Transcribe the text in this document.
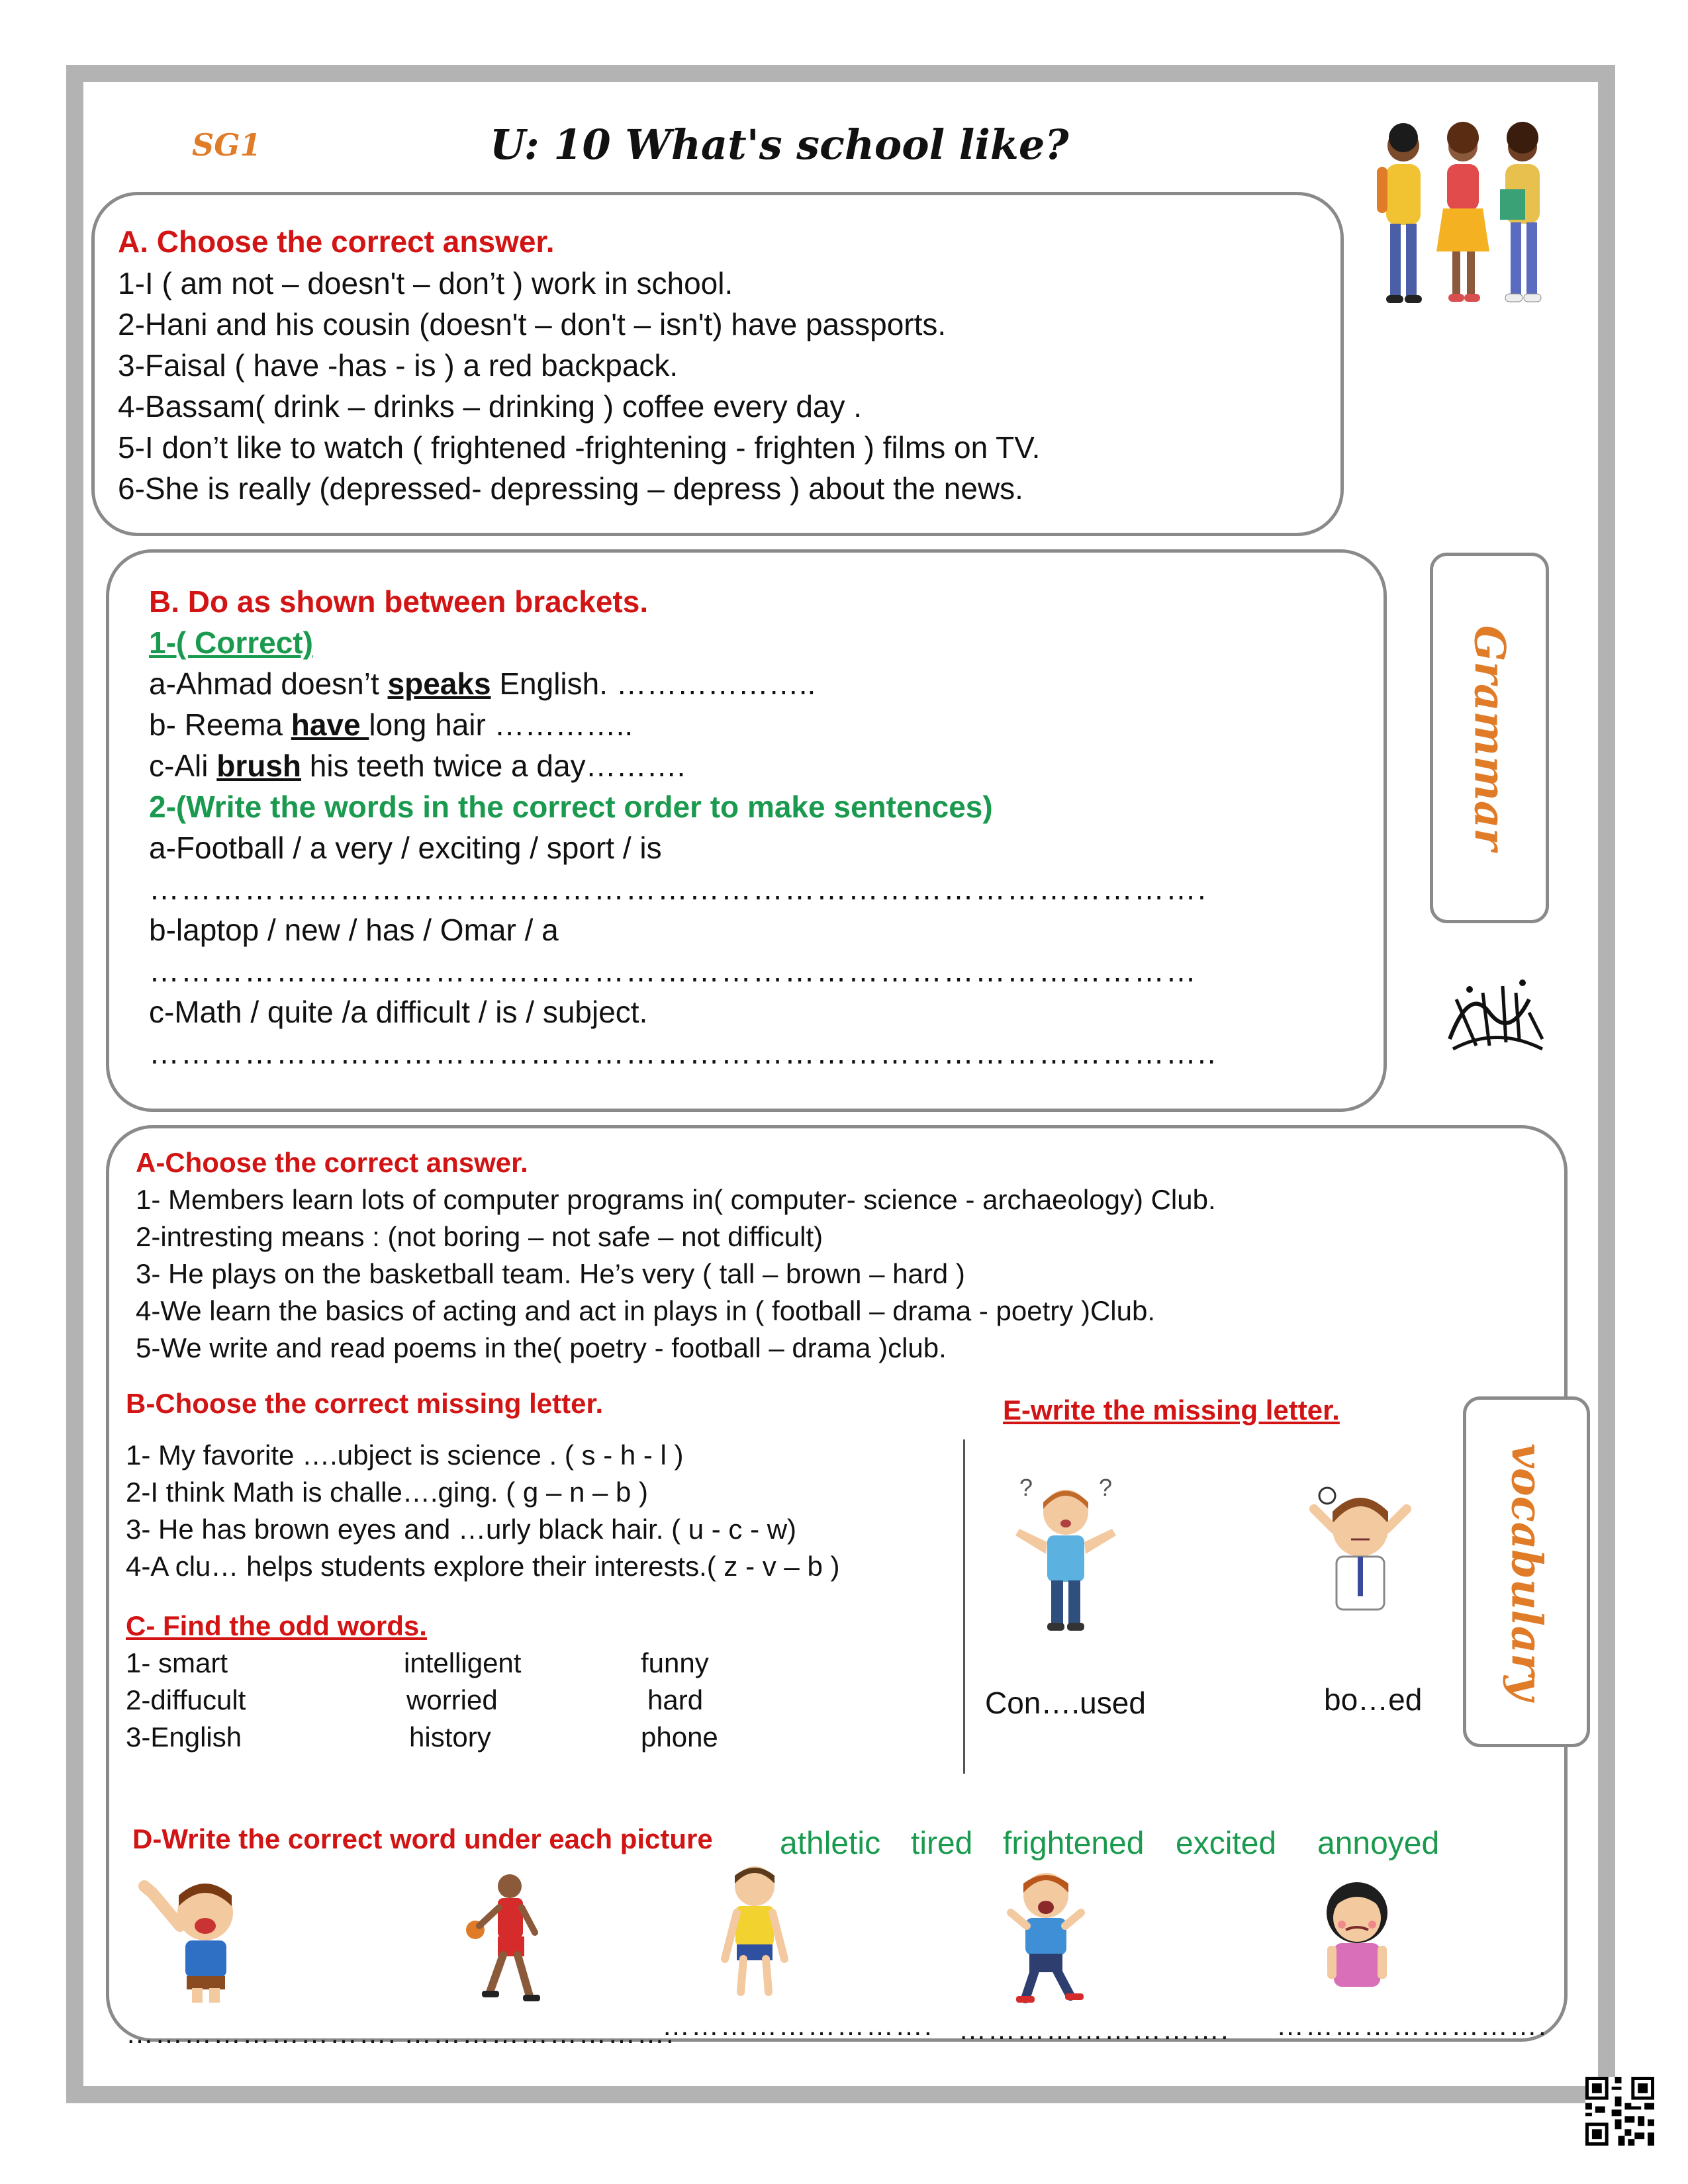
SG1	U: 10 What's school like?
A. Choose the correct answer.
1-I ( am not – doesn't – don’t ) work in school.
2-Hani and his cousin (doesn't – don't – isn't) have passports.
3-Faisal ( have -has - is ) a red backpack.
4-Bassam( drink – drinks – drinking ) coffee every day .
5-I don’t like to watch ( frightened -frightening - frighten ) films on TV.
6-She is really (depressed- depressing – depress ) about the news.
B. Do as shown between brackets.
1-( Correct)
a-Ahmad doesn’t speaks English. ………………..
b- Reema have long hair …………..
c-Ali brush his teeth twice a day……….
2-(Write the words in the correct order to make sentences)
a-Football / a very / exciting / sport / is
……………………………………………………………………………………….
b-laptop / new / has / Omar / a
………………………………………………………………………………………
c-Math / quite /a difficult / is / subject.
………………………………………………………………………………………..
Grammar
A-Choose the correct answer.
1- Members learn lots of computer programs in( computer- science - archaeology) Club.
2-intresting means : (not boring – not safe – not difficult)
3- He plays on the basketball team. He’s very ( tall – brown – hard )
4-We learn the basics of acting and act in plays in ( football – drama - poetry )Club.
5-We write and read poems in the( poetry - football – drama )club.
B-Choose the correct missing letter.
1- My favorite ….ubject is science . ( s - h - l )
2-I think Math is challe….ging. ( g – n – b )
3- He has brown eyes and …urly black hair. ( u - c - w)
4-A clu… helps students explore their interests.( z - v – b )
C- Find the odd words.
1- smart	intelligent	funny
2-diffucult	worried	hard
3-English	history	phone
E-write the missing letter.
?	?
Con….used	bo…ed vocabulary
D-Write the correct word under each picture athletic tired frightened excited annoyed
………………………. ……………………….
………………………. ………………………. ……………………….
